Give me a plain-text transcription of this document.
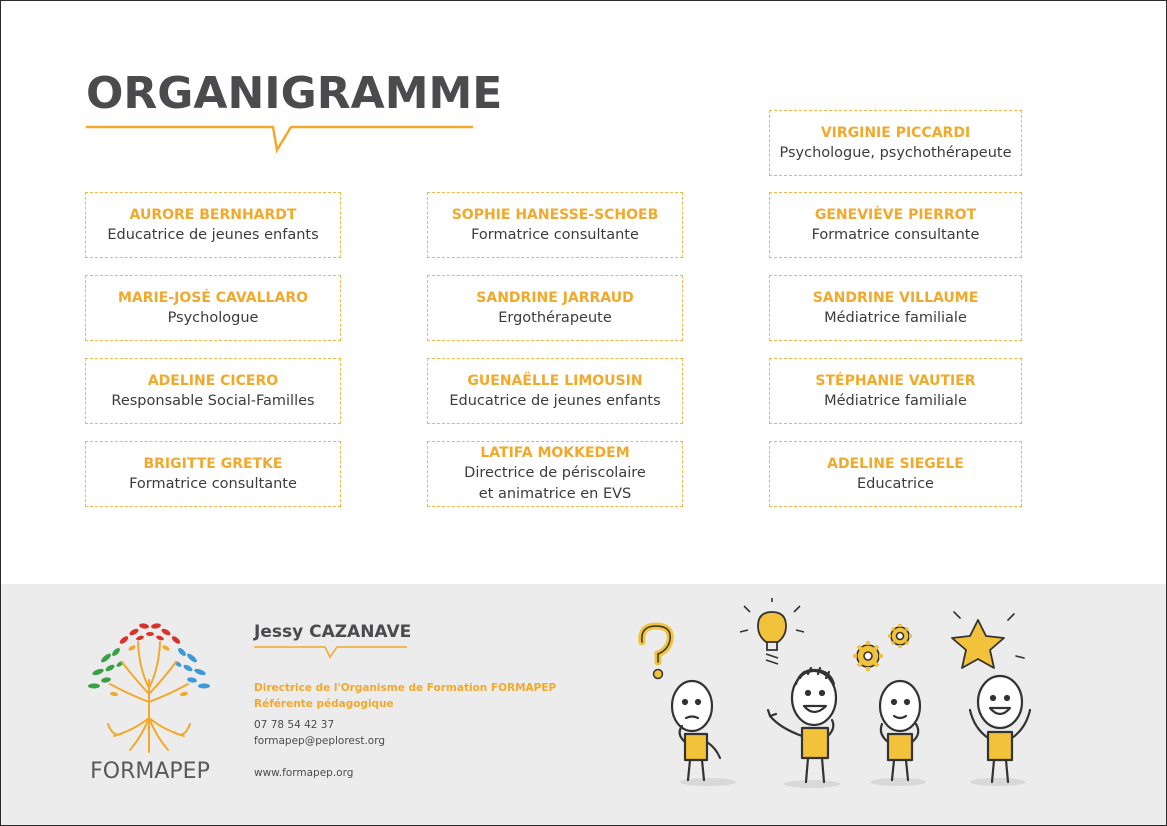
ORGANIGRAMME
AURORE BERNHARDT
Educatrice de jeunes enfants
MARIE-JOSÉ CAVALLARO
Psychologue
ADELINE CICERO
Responsable Social-Familles
BRIGITTE GRETKE
Formatrice consultante
SOPHIE HANESSE-SCHOEB
Formatrice consultante
SANDRINE JARRAUD
Ergothérapeute
GUENAËLLE LIMOUSIN
Educatrice de jeunes enfants
LATIFA MOKKEDEM
Directrice de périscolaire
et animatrice en EVS
VIRGINIE PICCARDI
Psychologue, psychothérapeute
GENEVIÈVE PIERROT
Formatrice consultante
SANDRINE VILLAUME
Médiatrice familiale
STÉPHANIE VAUTIER
Médiatrice familiale
ADELINE SIEGELE
Educatrice
FORMAPEP
Jessy CAZANAVE
Directrice de l'Organisme de Formation FORMAPEP
Référente pédagogique
07 78 54 42 37
formapep@peplorest.org
www.formapep.org
